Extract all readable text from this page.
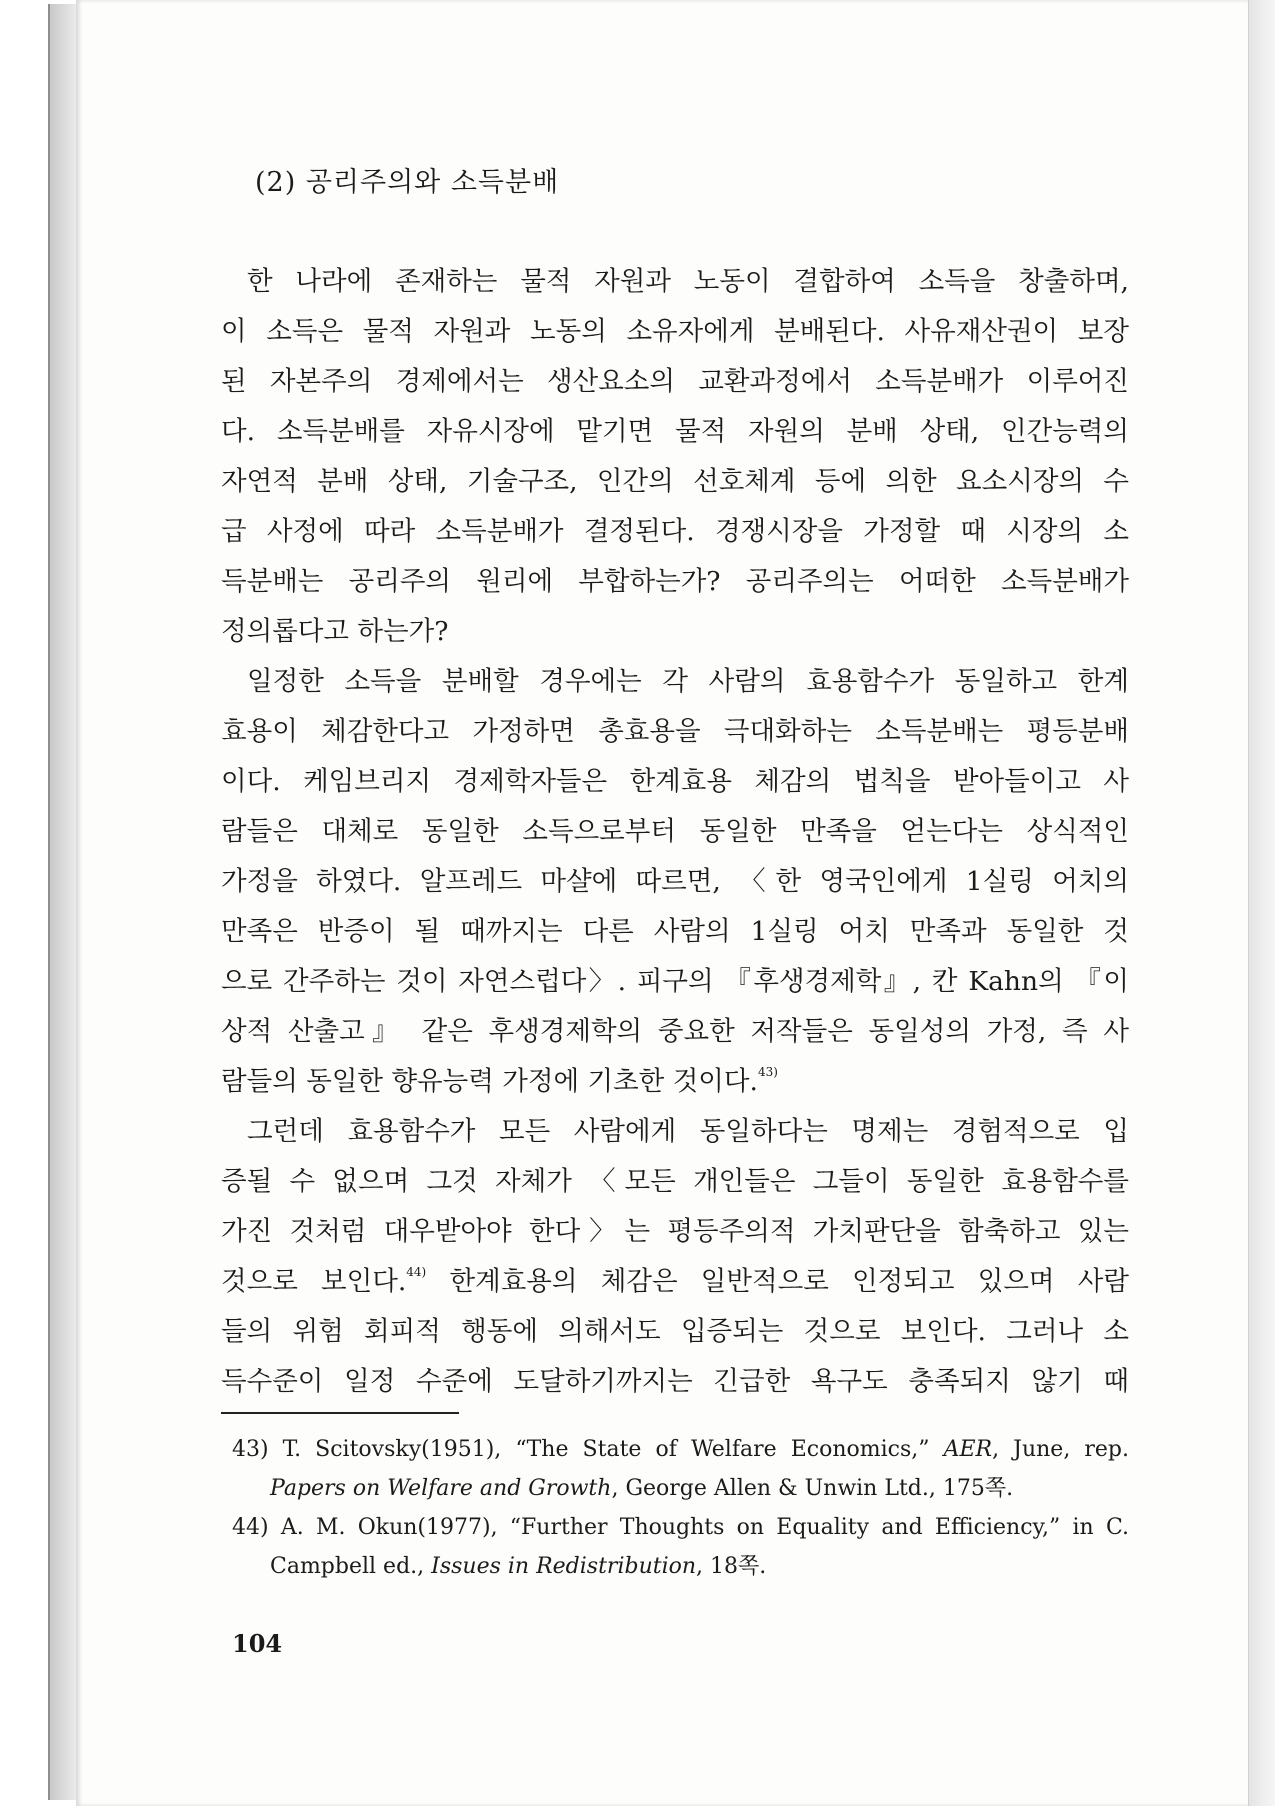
(2) 공리주의와 소득분배
한 나라에 존재하는 물적 자원과 노동이 결합하여 소득을 창출하며,
이 소득은 물적 자원과 노동의 소유자에게 분배된다. 사유재산권이 보장
된 자본주의 경제에서는 생산요소의 교환과정에서 소득분배가 이루어진
다. 소득분배를 자유시장에 맡기면 물적 자원의 분배 상태, 인간능력의
자연적 분배 상태, 기술구조, 인간의 선호체계 등에 의한 요소시장의 수
급 사정에 따라 소득분배가 결정된다. 경쟁시장을 가정할 때 시장의 소
득분배는 공리주의 원리에 부합하는가? 공리주의는 어떠한 소득분배가
정의롭다고 하는가?
일정한 소득을 분배할 경우에는 각 사람의 효용함수가 동일하고 한계
효용이 체감한다고 가정하면 총효용을 극대화하는 소득분배는 평등분배
이다. 케임브리지 경제학자들은 한계효용 체감의 법칙을 받아들이고 사
람들은 대체로 동일한 소득으로부터 동일한 만족을 얻는다는 상식적인
가정을 하였다. 알프레드 마샬에 따르면, 〈한 영국인에게 1실링 어치의
만족은 반증이 될 때까지는 다른 사람의 1실링 어치 만족과 동일한 것
으로 간주하는 것이 자연스럽다〉. 피구의 『후생경제학』, 칸 Kahn의 『이
상적 산출고』 같은 후생경제학의 중요한 저작들은 동일성의 가정, 즉 사
람들의 동일한 향유능력 가정에 기초한 것이다.$^{43)}$
그런데 효용함수가 모든 사람에게 동일하다는 명제는 경험적으로 입
증될 수 없으며 그것 자체가 〈모든 개인들은 그들이 동일한 효용함수를
가진 것처럼 대우받아야 한다〉는 평등주의적 가치판단을 함축하고 있는
것으로 보인다.$^{44)}$ 한계효용의 체감은 일반적으로 인정되고 있으며 사람
들의 위험 회피적 행동에 의해서도 입증되는 것으로 보인다. 그러나 소
득수준이 일정 수준에 도달하기까지는 긴급한 욕구도 충족되지 않기 때
43) T. Scitovsky(1951), “The State of Welfare Economics,” AER, June, rep.
Papers on Welfare and Growth, George Allen & Unwin Ltd., 175쪽.
44) A. M. Okun(1977), “Further Thoughts on Equality and Efficiency,” in C.
Campbell ed., Issues in Redistribution, 18쪽.
104
